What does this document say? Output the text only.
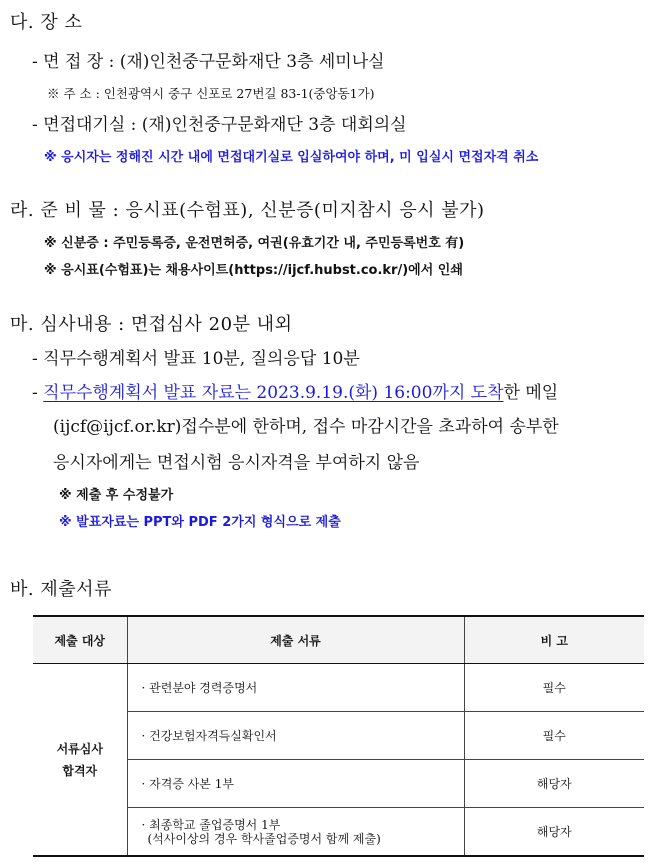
다. 장 소
- 면 접 장 : (재)인천중구문화재단 3층 세미나실
※ 주 소 : 인천광역시 중구 신포로 27번길 83-1(중앙동1가)
- 면접대기실 : (재)인천중구문화재단 3층 대회의실
※ 응시자는 정해진 시간 내에 면접대기실로 입실하여야 하며, 미 입실시 면접자격 취소
라. 준 비 물 : 응시표(수험표), 신분증(미지참시 응시 불가)
※ 신분증 : 주민등록증, 운전면허증, 여권(유효기간 내, 주민등록번호 有)
※ 응시표(수험표)는 채용사이트(https://ijcf.hubst.co.kr/)에서 인쇄
마. 심사내용 : 면접심사 20분 내외
- 직무수행계획서 발표 10분, 질의응답 10분
- 직무수행계획서 발표 자료는 2023.9.19.(화) 16:00까지 도착한 메일
(ijcf@ijcf.or.kr)접수분에 한하며, 접수 마감시간을 초과하여 송부한
응시자에게는 면접시험 응시자격을 부여하지 않음
※ 제출 후 수정불가
※ 발표자료는 PPT와 PDF 2가지 형식으로 제출
바. 제출서류
제출 대상	제출 서류	비 고

서류심사
합격자	· 관련분야 경력증명서	필수
	· 건강보험자격득실확인서	필수
	· 자격증 사본 1부	해당자

	· 최종학교 졸업증명서 1부
(석사이상의 경우 학사졸업증명서 함께 제출)	해당자
